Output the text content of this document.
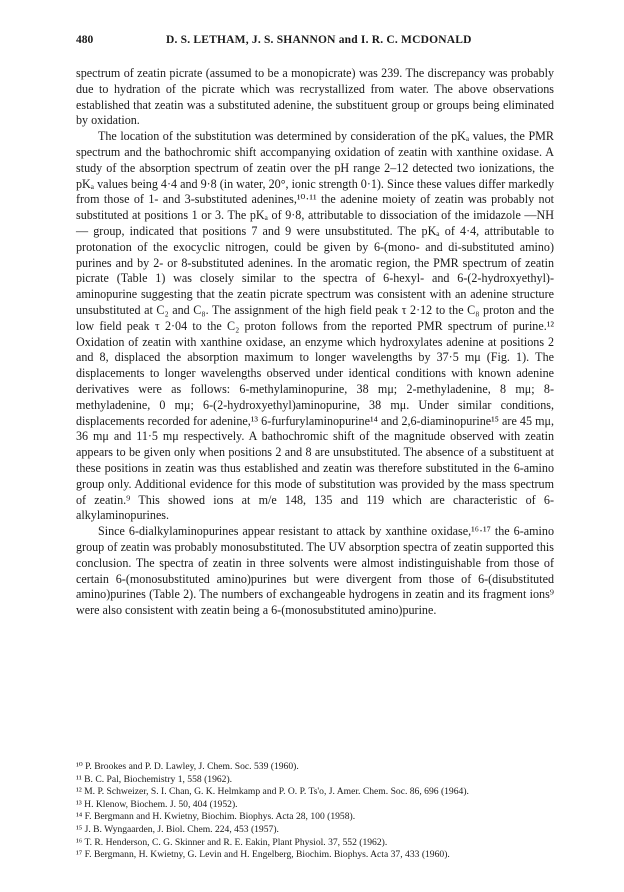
480	D. S. LETHAM, J. S. SHANNON and I. R. C. MCDONALD

spectrum of zeatin picrate (assumed to be a monopicrate) was 239. The discrepancy was probably due to hydration of the picrate which was recrystallized from water. The above observations established that zeatin was a substituted adenine, the substituent group or groups being eliminated by oxidation.

The location of the substitution was determined by consideration of the pKₐ values, the PMR spectrum and the bathochromic shift accompanying oxidation of zeatin with xanthine oxidase. A study of the absorption spectrum of zeatin over the pH range 2–12 detected two ionizations, the pKₐ values being 4·4 and 9·8 (in water, 20°, ionic strength 0·1). Since these values differ markedly from those of 1- and 3-substituted adenines,¹⁰·¹¹ the adenine moiety of zeatin was probably not substituted at positions 1 or 3. The pKₐ of 9·8, attributable to dissociation of the imidazole —NH— group, indicated that positions 7 and 9 were unsubstituted. The pKₐ of 4·4, attributable to protonation of the exocyclic nitrogen, could be given by 6-(mono- and di-substituted amino) purines and by 2- or 8-substituted adenines. In the aromatic region, the PMR spectrum of zeatin picrate (Table 1) was closely similar to the spectra of 6-hexyl- and 6-(2-hydroxyethyl)-aminopurine suggesting that the zeatin picrate spectrum was consistent with an adenine structure unsubstituted at C₂ and C₈. The assignment of the high field peak τ 2·12 to the C₈ proton and the low field peak τ 2·04 to the C₂ proton follows from the reported PMR spectrum of purine.¹² Oxidation of zeatin with xanthine oxidase, an enzyme which hydroxylates adenine at positions 2 and 8, displaced the absorption maximum to longer wavelengths by 37·5 mμ (Fig. 1). The displacements to longer wavelengths observed under identical conditions with known adenine derivatives were as follows: 6-methylaminopurine, 38 mμ; 2-methyladenine, 8 mμ; 8-methyladenine, 0 mμ; 6-(2-hydroxyethyl)aminopurine, 38 mμ. Under similar conditions, displacements recorded for adenine,¹³ 6-furfurylaminopurine¹⁴ and 2,6-diaminopurine¹⁵ are 45 mμ, 36 mμ and 11·5 mμ respectively. A bathochromic shift of the magnitude observed with zeatin appears to be given only when positions 2 and 8 are unsubstituted. The absence of a substituent at these positions in zeatin was thus established and zeatin was therefore substituted in the 6-amino group only. Additional evidence for this mode of substitution was provided by the mass spectrum of zeatin.⁹ This showed ions at m/e 148, 135 and 119 which are characteristic of 6-alkylaminopurines.

Since 6-dialkylaminopurines appear resistant to attack by xanthine oxidase,¹⁶·¹⁷ the 6-amino group of zeatin was probably monosubstituted. The UV absorption spectra of zeatin supported this conclusion. The spectra of zeatin in three solvents were almost indistinguishable from those of certain 6-(monosubstituted amino)purines but were divergent from those of 6-(disubstituted amino)purines (Table 2). The numbers of exchangeable hydrogens in zeatin and its fragment ions⁹ were also consistent with zeatin being a 6-(monosubstituted amino)purine.

¹⁰ P. Brookes and P. D. Lawley, J. Chem. Soc. 539 (1960).

¹¹ B. C. Pal, Biochemistry 1, 558 (1962).

¹² M. P. Schweizer, S. I. Chan, G. K. Helmkamp and P. O. P. Ts'o, J. Amer. Chem. Soc. 86, 696 (1964).

¹³ H. Klenow, Biochem. J. 50, 404 (1952).

¹⁴ F. Bergmann and H. Kwietny, Biochim. Biophys. Acta 28, 100 (1958).

¹⁵ J. B. Wyngaarden, J. Biol. Chem. 224, 453 (1957).

¹⁶ T. R. Henderson, C. G. Skinner and R. E. Eakin, Plant Physiol. 37, 552 (1962).

¹⁷ F. Bergmann, H. Kwietny, G. Levin and H. Engelberg, Biochim. Biophys. Acta 37, 433 (1960).
